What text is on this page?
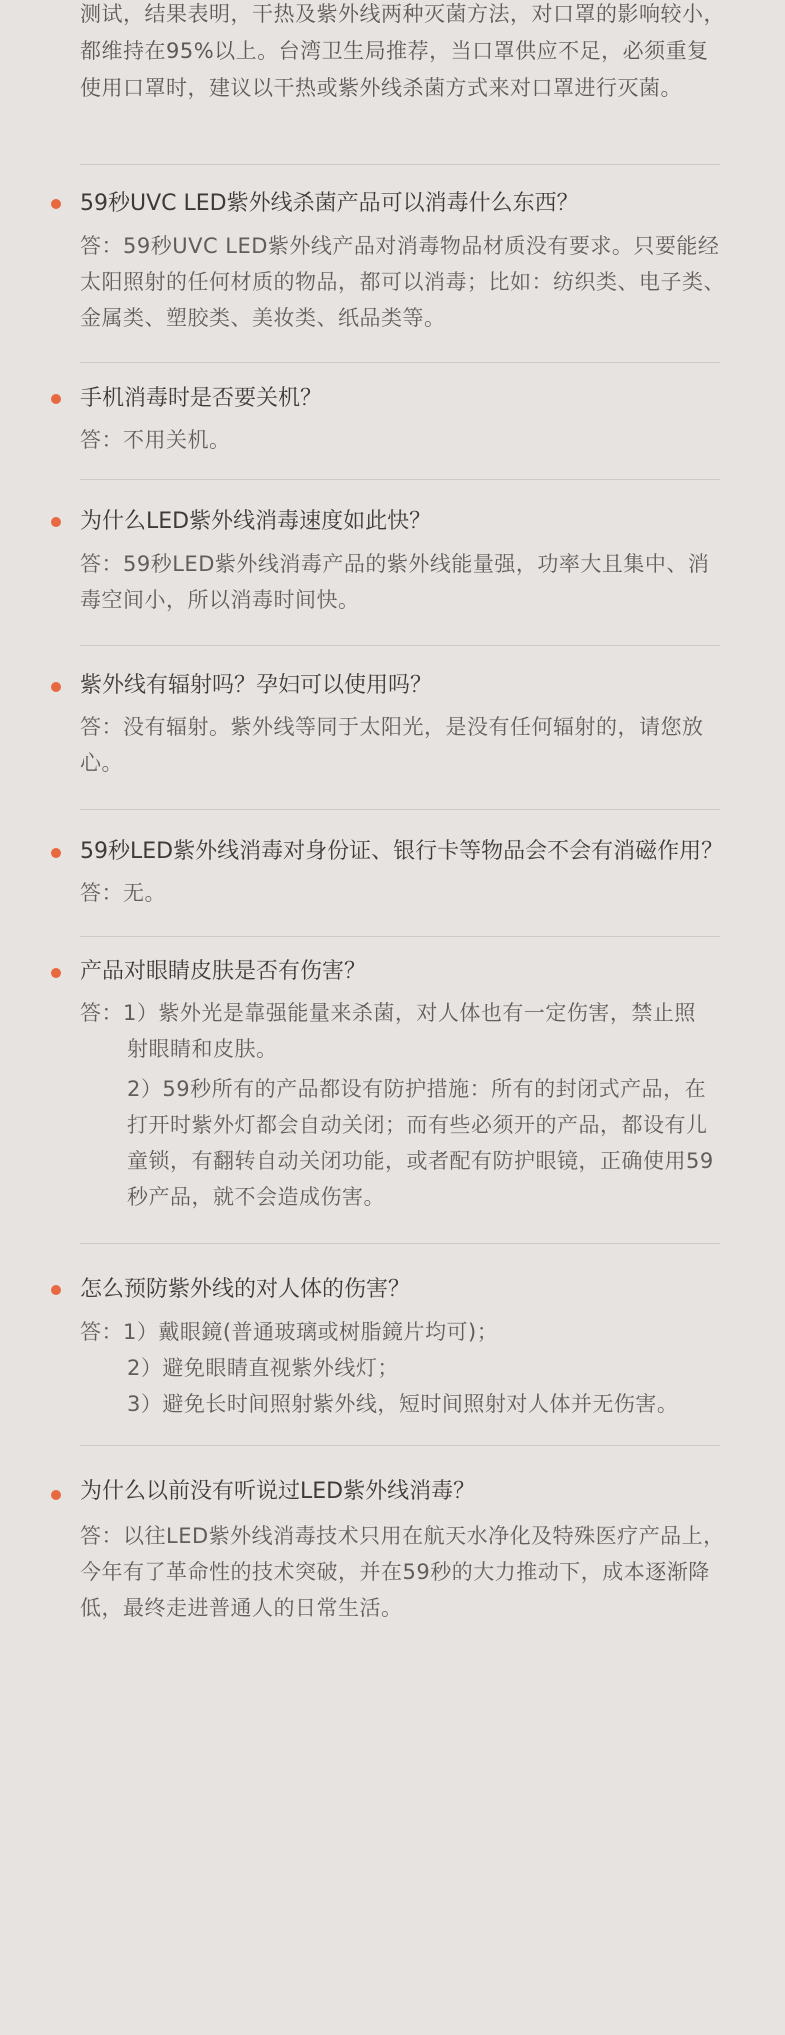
测试，结果表明，干热及紫外线两种灭菌方法，对口罩的影响较小，都维持在95%以上。台湾卫生局推荐，当口罩供应不足，必须重复使用口罩时，建议以干热或紫外线杀菌方式来对口罩进行灭菌。
59秒UVC LED紫外线杀菌产品可以消毒什么东西？
答：59秒UVC LED紫外线产品对消毒物品材质没有要求。只要能经太阳照射的任何材质的物品，都可以消毒；比如：纺织类、电子类、金属类、塑胶类、美妆类、纸品类等。
手机消毒时是否要关机？
答：不用关机。
为什么LED紫外线消毒速度如此快？
答：59秒LED紫外线消毒产品的紫外线能量强，功率大且集中、消毒空间小，所以消毒时间快。
紫外线有辐射吗？孕妇可以使用吗？
答：没有辐射。紫外线等同于太阳光，是没有任何辐射的，请您放心。
59秒LED紫外线消毒对身份证、银行卡等物品会不会有消磁作用？
答：无。
产品对眼睛皮肤是否有伤害？
答：1）紫外光是靠强能量来杀菌，对人体也有一定伤害，禁止照
射眼睛和皮肤。
2）59秒所有的产品都设有防护措施：所有的封闭式产品，在打开时紫外灯都会自动关闭；而有些必须开的产品，都设有儿童锁，有翻转自动关闭功能，或者配有防护眼镜，正确使用59秒产品，就不会造成伤害。
怎么预防紫外线的对人体的伤害？
答：1）戴眼鏡(普通玻璃或树脂鏡片均可)；
2）避免眼睛直视紫外线灯；
3）避免长时间照射紫外线，短时间照射对人体并无伤害。
为什么以前没有听说过LED紫外线消毒？
答：以往LED紫外线消毒技术只用在航天水净化及特殊医疗产品上，今年有了革命性的技术突破，并在59秒的大力推动下，成本逐渐降低，最终走进普通人的日常生活。
